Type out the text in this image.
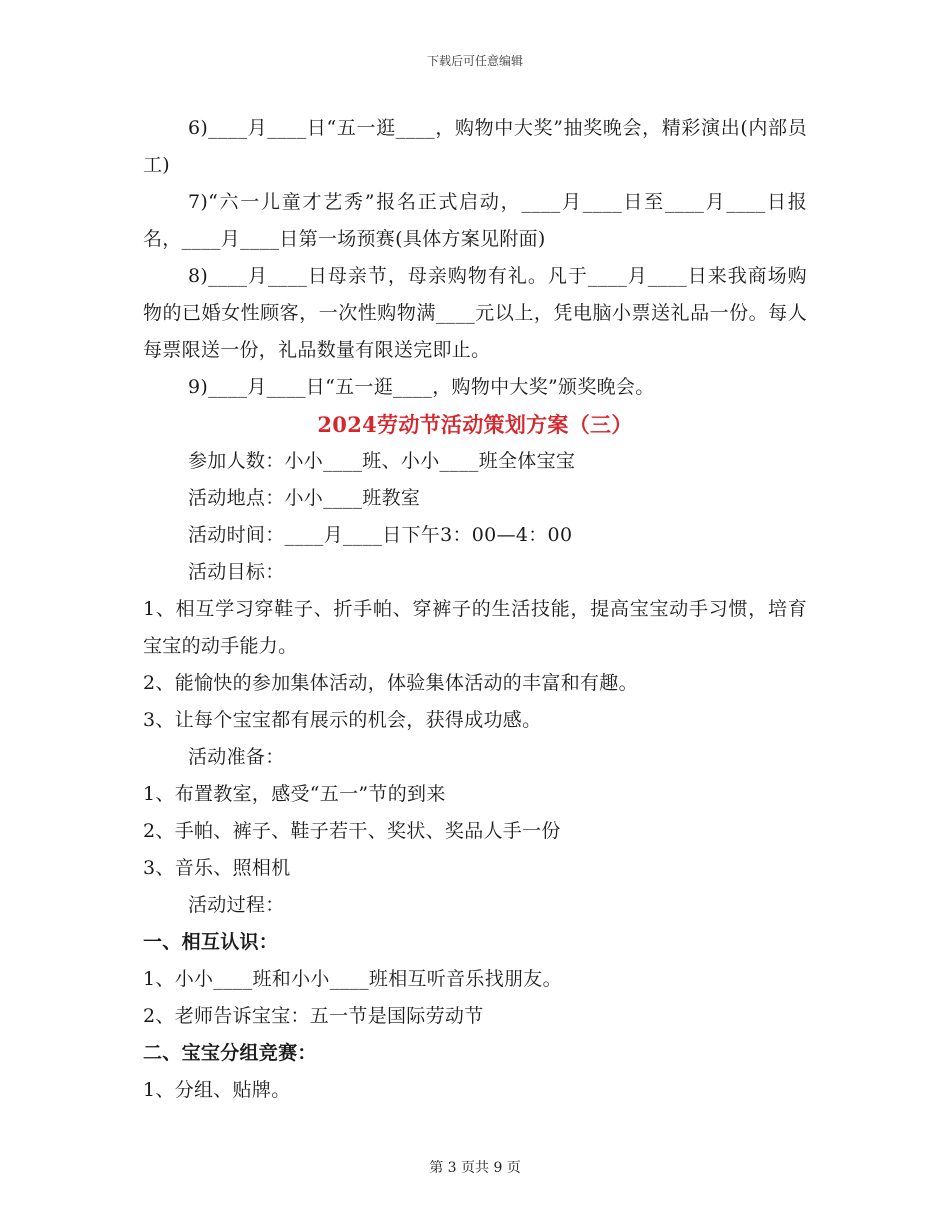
下载后可任意编辑

6)____月____日“五一逛____，购物中大奖”抽奖晚会，精彩演出(内部员工)

7)“六一儿童才艺秀”报名正式启动，____月____日至____月____日报名，____月____日第一场预赛(具体方案见附面)

8)____月____日母亲节，母亲购物有礼。凡于____月____日来我商场购物的已婚女性顾客，一次性购物满____元以上，凭电脑小票送礼品一份。每人每票限送一份，礼品数量有限送完即止。

9)____月____日“五一逛____，购物中大奖”颁奖晚会。

2024劳动节活动策划方案（三）

参加人数：小小____班、小小____班全体宝宝

活动地点：小小____班教室

活动时间：____月____日下午3：00—4：00

活动目标：

1、相互学习穿鞋子、折手帕、穿裤子的生活技能，提高宝宝动手习惯，培育宝宝的动手能力。

2、能愉快的参加集体活动，体验集体活动的丰富和有趣。

3、让每个宝宝都有展示的机会，获得成功感。

活动准备：

1、布置教室，感受“五一”节的到来

2、手帕、裤子、鞋子若干、奖状、奖品人手一份

3、音乐、照相机

活动过程：

一、相互认识：

1、小小____班和小小____班相互听音乐找朋友。

2、老师告诉宝宝：五一节是国际劳动节

二、宝宝分组竞赛：

1、分组、贴牌。

第 3 页共 9 页
